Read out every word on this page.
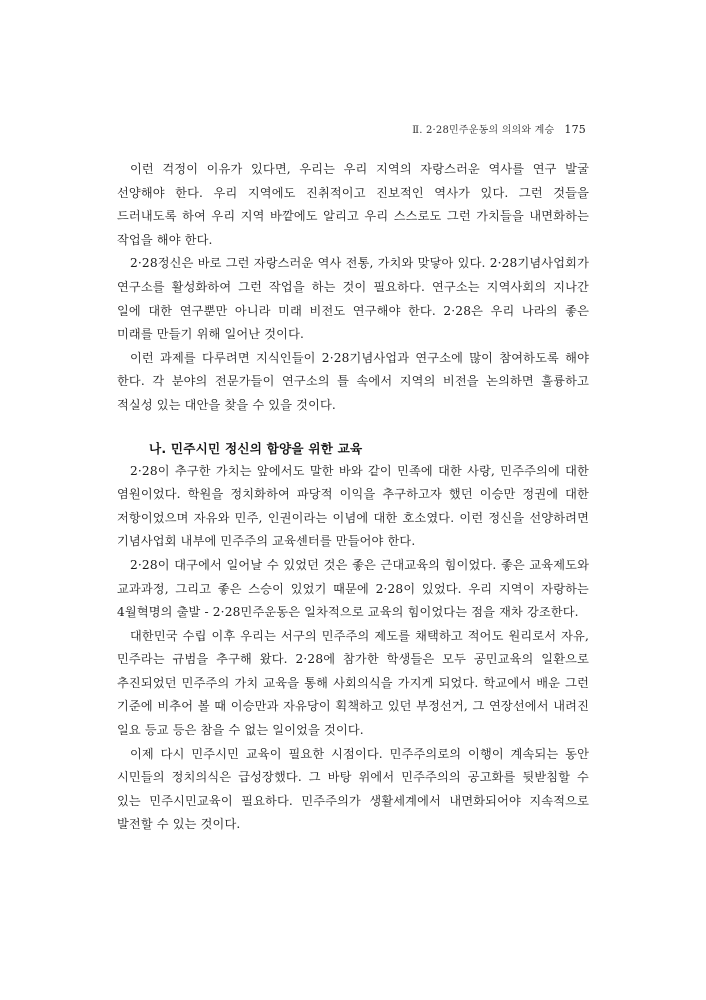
Ⅱ. 2·28민주운동의 의의와 계승 175

이런 걱정이 이유가 있다면, 우리는 우리 지역의 자랑스러운 역사를 연구 발굴 선양해야 한다. 우리 지역에도 진취적이고 진보적인 역사가 있다. 그런 것들을 드러내도록 하여 우리 지역 바깥에도 알리고 우리 스스로도 그런 가치들을 내면화하는 작업을 해야 한다.

2·28정신은 바로 그런 자랑스러운 역사 전통, 가치와 맞닿아 있다. 2·28기념사업회가 연구소를 활성화하여 그런 작업을 하는 것이 필요하다. 연구소는 지역사회의 지나간 일에 대한 연구뿐만 아니라 미래 비전도 연구해야 한다. 2·28은 우리 나라의 좋은 미래를 만들기 위해 일어난 것이다.

이런 과제를 다루려면 지식인들이 2·28기념사업과 연구소에 많이 참여하도록 해야 한다. 각 분야의 전문가들이 연구소의 틀 속에서 지역의 비전을 논의하면 훌륭하고 적실성 있는 대안을 찾을 수 있을 것이다.

나. 민주시민 정신의 함양을 위한 교육

2·28이 추구한 가치는 앞에서도 말한 바와 같이 민족에 대한 사랑, 민주주의에 대한 염원이었다. 학원을 정치화하여 파당적 이익을 추구하고자 했던 이승만 정권에 대한 저항이었으며 자유와 민주, 인권이라는 이념에 대한 호소였다. 이런 정신을 선양하려면 기념사업회 내부에 민주주의 교육센터를 만들어야 한다.

2·28이 대구에서 일어날 수 있었던 것은 좋은 근대교육의 힘이었다. 좋은 교육제도와 교과과정, 그리고 좋은 스승이 있었기 때문에 2·28이 있었다. 우리 지역이 자랑하는 4월혁명의 출발 - 2·28민주운동은 일차적으로 교육의 힘이었다는 점을 재차 강조한다.

대한민국 수립 이후 우리는 서구의 민주주의 제도를 채택하고 적어도 원리로서 자유, 민주라는 규범을 추구해 왔다. 2·28에 참가한 학생들은 모두 공민교육의 일환으로 추진되었던 민주주의 가치 교육을 통해 사회의식을 가지게 되었다. 학교에서 배운 그런 기준에 비추어 볼 때 이승만과 자유당이 획책하고 있던 부정선거, 그 연장선에서 내려진 일요 등교 등은 참을 수 없는 일이었을 것이다.

이제 다시 민주시민 교육이 필요한 시점이다. 민주주의로의 이행이 계속되는 동안 시민들의 정치의식은 급성장했다. 그 바탕 위에서 민주주의의 공고화를 뒷받침할 수 있는 민주시민교육이 필요하다. 민주주의가 생활세계에서 내면화되어야 지속적으로 발전할 수 있는 것이다.
